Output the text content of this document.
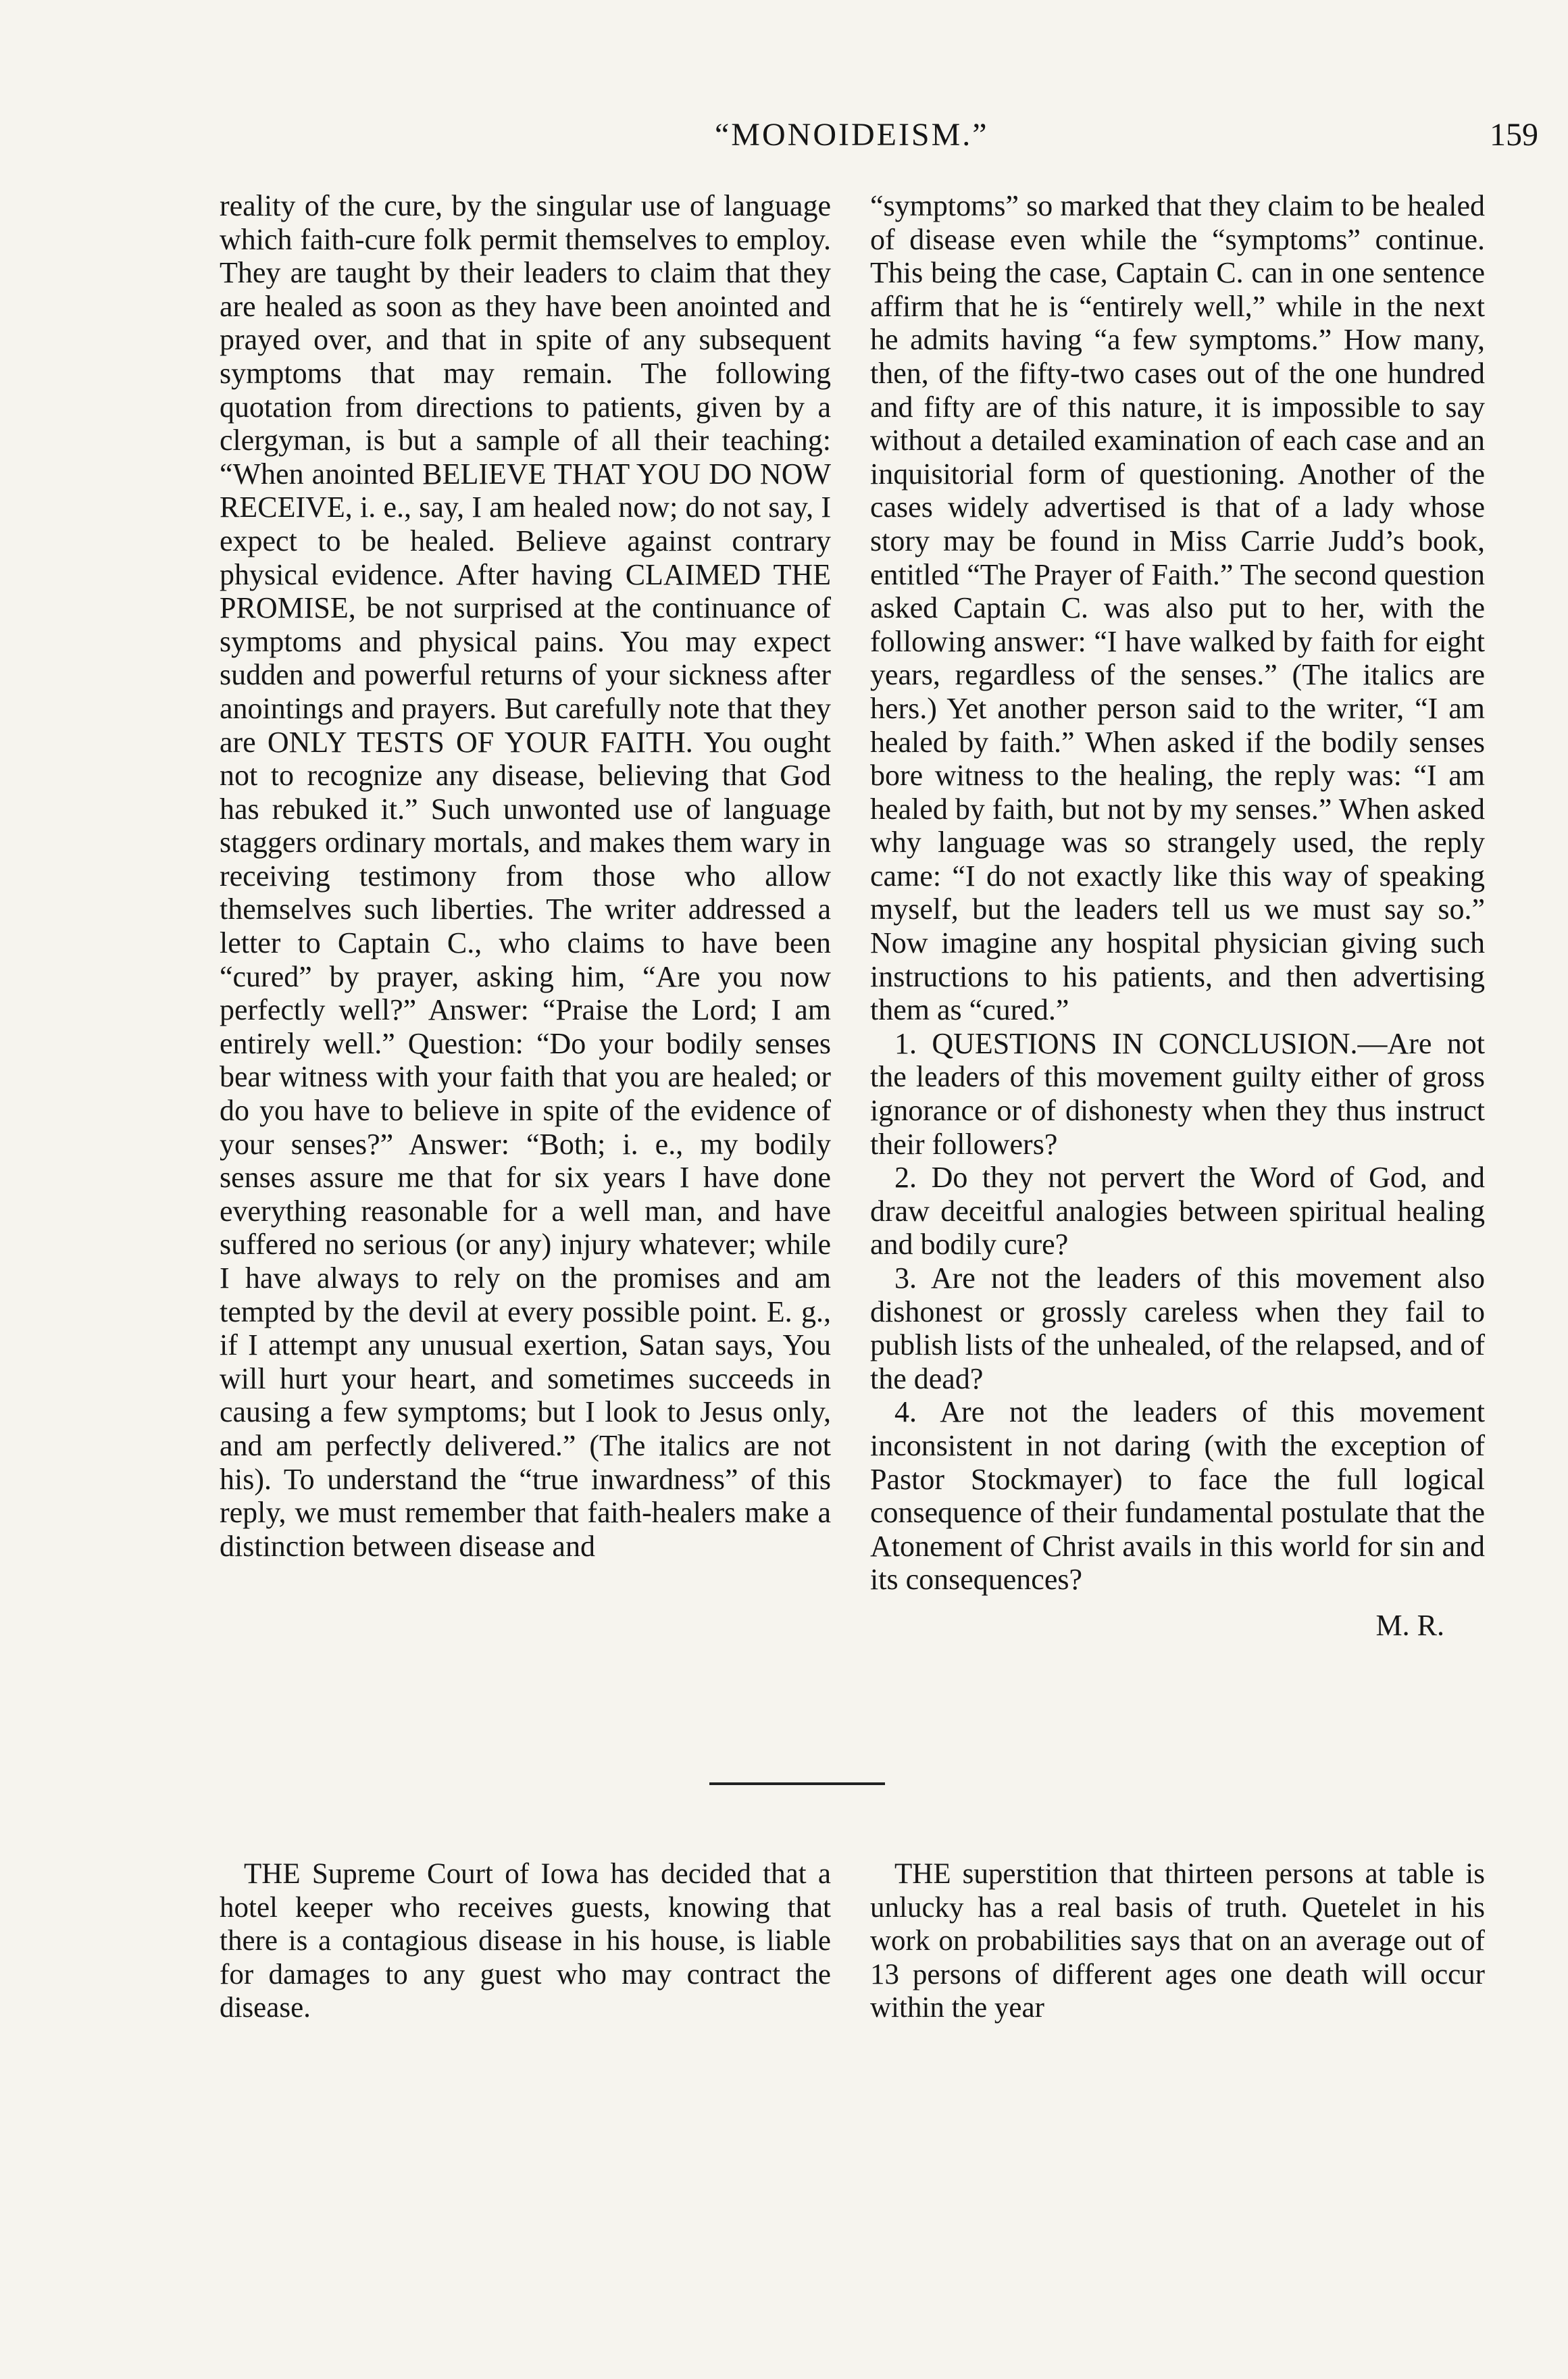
“MONOIDEISM.”	159

reality of the cure, by the singular use of language which faith-cure folk permit themselves to employ. They are taught by their leaders to claim that they are healed as soon as they have been anointed and prayed over, and that in spite of any subsequent symptoms that may remain. The following quotation from directions to patients, given by a clergyman, is but a sample of all their teaching: “When anointed BELIEVE THAT YOU DO NOW RECEIVE, i. e., say, I am healed now; do not say, I expect to be healed. Believe against contrary physical evidence. After having CLAIMED THE PROMISE, be not surprised at the continuance of symptoms and physical pains. You may expect sudden and powerful returns of your sickness after anointings and prayers. But carefully note that they are ONLY TESTS OF YOUR FAITH. You ought not to recognize any disease, believing that God has rebuked it.” Such unwonted use of language staggers ordinary mortals, and makes them wary in receiving testimony from those who allow themselves such liberties. The writer addressed a letter to Captain C., who claims to have been “cured” by prayer, asking him, “Are you now perfectly well?” Answer: “Praise the Lord; I am entirely well.” Question: “Do your bodily senses bear witness with your faith that you are healed; or do you have to believe in spite of the evidence of your senses?” Answer: “Both; i. e., my bodily senses assure me that for six years I have done everything reasonable for a well man, and have suffered no serious (or any) injury whatever; while I have always to rely on the promises and am tempted by the devil at every possible point. E. g., if I attempt any unusual exertion, Satan says, You will hurt your heart, and sometimes succeeds in causing a few symptoms; but I look to Jesus only, and am perfectly delivered.” (The italics are not his). To understand the “true inwardness” of this reply, we must remember that faith-healers make a distinction between disease and

“symptoms” so marked that they claim to be healed of disease even while the “symptoms” continue. This being the case, Captain C. can in one sentence affirm that he is “entirely well,” while in the next he admits having “a few symptoms.” How many, then, of the fifty-two cases out of the one hundred and fifty are of this nature, it is impossible to say without a detailed examination of each case and an inquisitorial form of questioning. Another of the cases widely advertised is that of a lady whose story may be found in Miss Carrie Judd’s book, entitled “The Prayer of Faith.” The second question asked Captain C. was also put to her, with the following answer: “I have walked by faith for eight years, regardless of the senses.” (The italics are hers.) Yet another person said to the writer, “I am healed by faith.” When asked if the bodily senses bore witness to the healing, the reply was: “I am healed by faith, but not by my senses.” When asked why language was so strangely used, the reply came: “I do not exactly like this way of speaking myself, but the leaders tell us we must say so.” Now imagine any hospital physician giving such instructions to his patients, and then advertising them as “cured.”

1. QUESTIONS IN CONCLUSION.—Are not the leaders of this movement guilty either of gross ignorance or of dishonesty when they thus instruct their followers?

2. Do they not pervert the Word of God, and draw deceitful analogies between spiritual healing and bodily cure?

3. Are not the leaders of this movement also dishonest or grossly careless when they fail to publish lists of the unhealed, of the relapsed, and of the dead?

4. Are not the leaders of this movement inconsistent in not daring (with the exception of Pastor Stockmayer) to face the full logical consequence of their fundamental postulate that the Atonement of Christ avails in this world for sin and its consequences?

M. R.

THE Supreme Court of Iowa has decided that a hotel keeper who receives guests, knowing that there is a contagious disease in his house, is liable for damages to any guest who may contract the disease.

THE superstition that thirteen persons at table is unlucky has a real basis of truth. Quetelet in his work on probabilities says that on an average out of 13 persons of different ages one death will occur within the year
